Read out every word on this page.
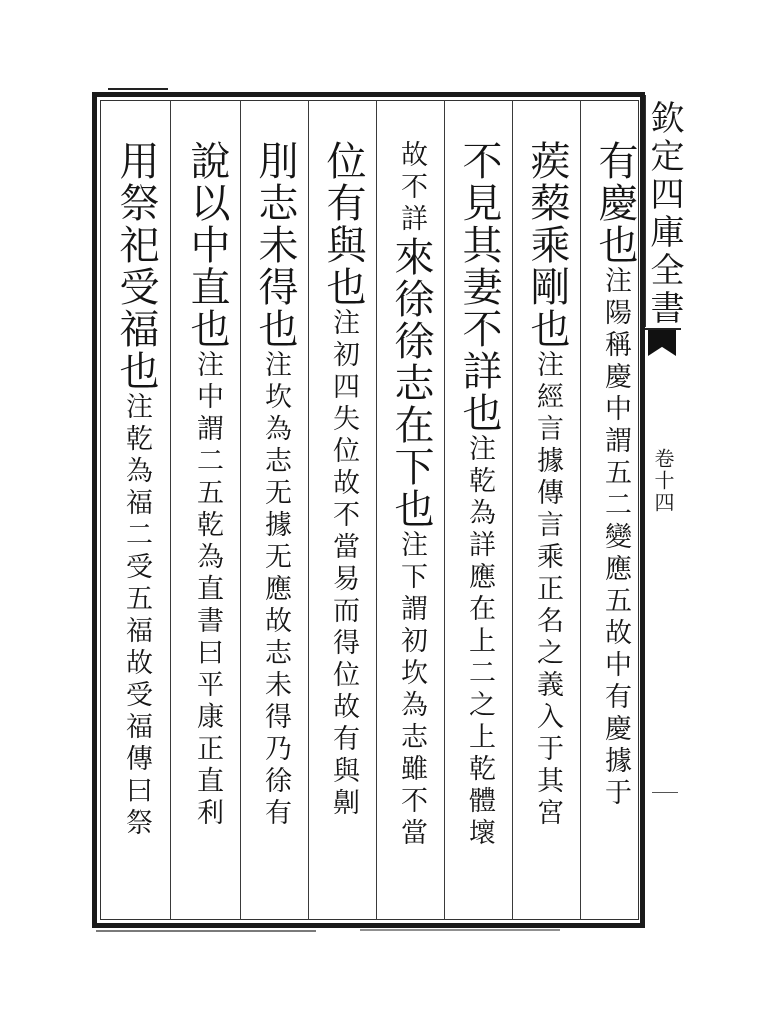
有慶也注陽稱慶中謂五二變應五故中有慶據于
蒺蔾乘剛也注經言據傳言乘正名之義入于其宮
不見其妻不詳也注乾為詳應在上二之上乾體壞
故不詳來徐徐志在下也注下謂初坎為志雖不當
位有與也注初四失位故不當易而得位故有與劓
刖志未得也注坎為志无據无應故志未得乃徐有
說以中直也注中謂二五乾為直書曰平康正直利
用祭祀受福也注乾為福二受五福故受福傳曰祭
欽定四庫全書
卷十四
